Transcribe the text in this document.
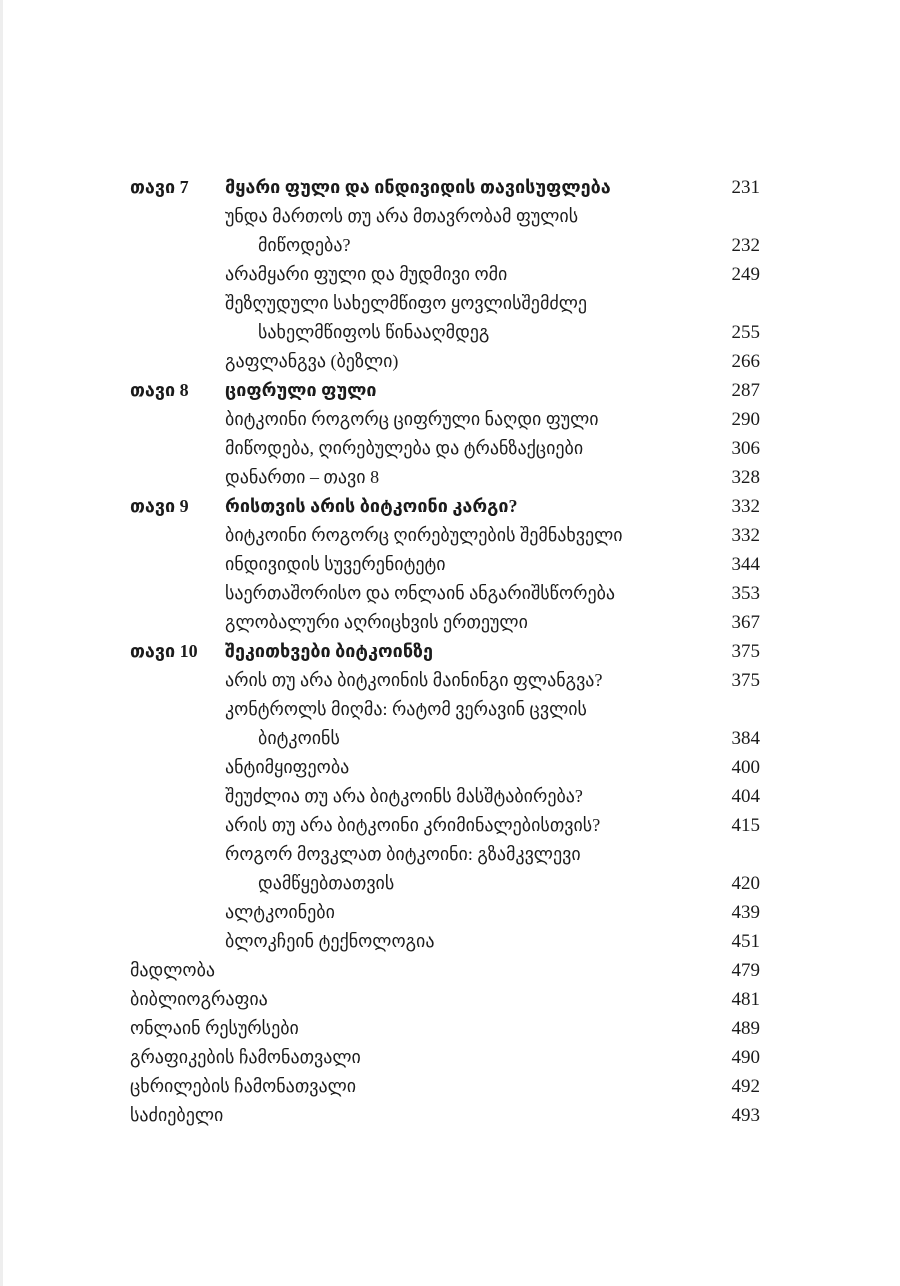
თავი 7	მყარი ფული და ინდივიდის თავისუფლება	231
უნდა მართოს თუ არა მთავრობამ ფულის
მიწოდება?	232
არამყარი ფული და მუდმივი ომი	249
შეზღუდული სახელმწიფო ყოვლისშემძლე
სახელმწიფოს წინააღმდეგ	255
გაფლანგვა (ბეზლი)	266
თავი 8	ციფრული ფული	287
ბიტკოინი როგორც ციფრული ნაღდი ფული	290
მიწოდება, ღირებულება და ტრანზაქციები	306
დანართი – თავი 8	328
თავი 9	რისთვის არის ბიტკოინი კარგი?	332
ბიტკოინი როგორც ღირებულების შემნახველი	332
ინდივიდის სუვერენიტეტი	344
საერთაშორისო და ონლაინ ანგარიშსწორება	353
გლობალური აღრიცხვის ერთეული	367
თავი 10	შეკითხვები ბიტკოინზე	375
არის თუ არა ბიტკოინის მაინინგი ფლანგვა?	375
კონტროლს მიღმა: რატომ ვერავინ ცვლის
ბიტკოინს	384
ანტიმყიფეობა	400
შეუძლია თუ არა ბიტკოინს მასშტაბირება?	404
არის თუ არა ბიტკოინი კრიმინალებისთვის?	415
როგორ მოვკლათ ბიტკოინი: გზამკვლევი
დამწყებთათვის	420
ალტკოინები	439
ბლოკჩეინ ტექნოლოგია	451
მადლობა	479
ბიბლიოგრაფია	481
ონლაინ რესურსები	489
გრაფიკების ჩამონათვალი	490
ცხრილების ჩამონათვალი	492
საძიებელი	493
